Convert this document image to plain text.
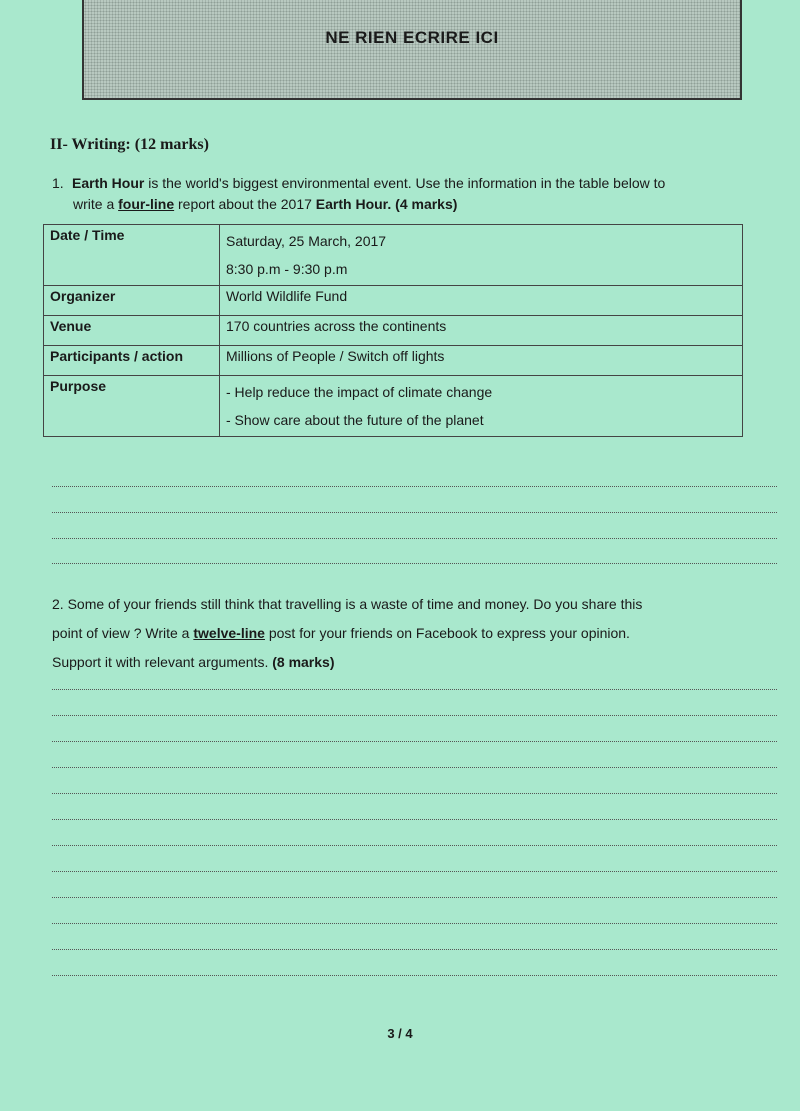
NE RIEN ECRIRE ICI
II- Writing: (12 marks)
1. Earth Hour is the world's biggest environmental event. Use the information in the table below to
write a four-line report about the 2017 Earth Hour. (4 marks)
Date / Time	Saturday, 25 March, 2017
8:30 p.m - 9:30 p.m

Organizer	World Wildlife Fund
Venue	170 countries across the continents
Participants / action	Millions of People / Switch off lights
Purpose	- Help reduce the impact of climate change
- Show care about the future of the planet
2. Some of your friends still think that travelling is a waste of time and money. Do you share this
point of view ? Write a twelve-line post for your friends on Facebook to express your opinion.
Support it with relevant arguments. (8 marks)
3 / 4
